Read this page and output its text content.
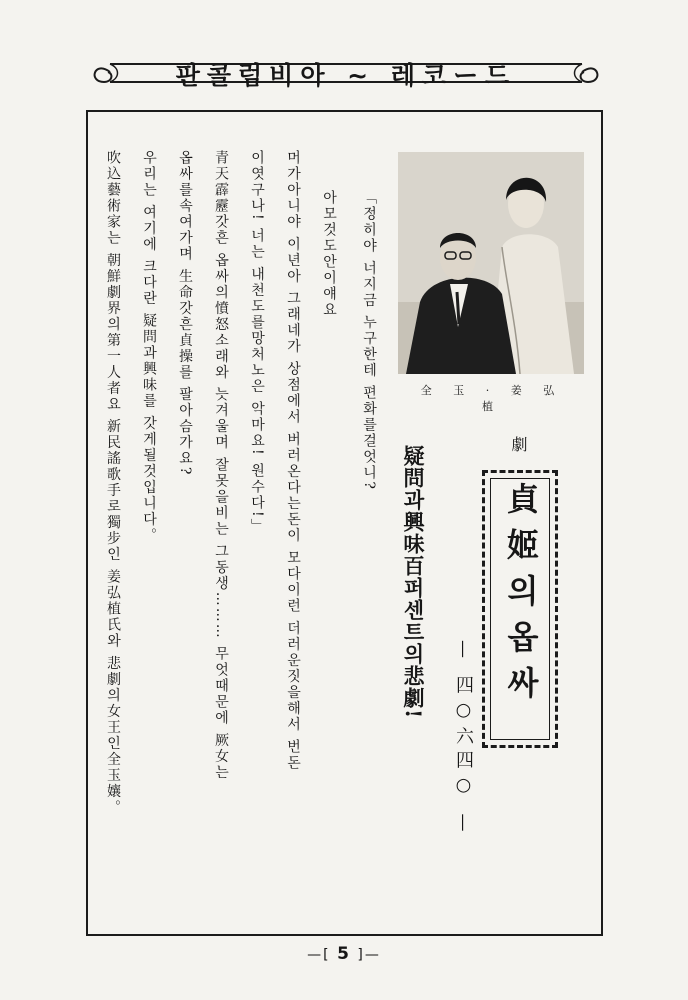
판콜럼비아 ~ 레코ー드
全 玉 · 姜 弘 植
劇
貞姬의옵싸
— 四○六四○ —
疑問과興味百퍼센트의悲劇!
「정히야 너지금 누구한테 편화를걸엇니?
아모것도안이얘요
머가아니야 이년아 그래네가 상점에서 버러온다는돈이 모다이런 더러운짓을해서 번돈
이엿구나! 너는 내천도를망처노은 악마요! 원수다!」
青天霹靂갓흔 옵싸의憤怒소래와 늣겨울며 잘못을비는 그동생……… 무엇때문에 厥女는
옵싸를속여가며 生命갓흔貞操를 팔아슴가요?
우리는 여기에 크다란 疑問과興味를 갓게될것입니다。
吹込藝術家는 朝鮮劇界의第一人者요 新民謠歌手로獨步인 姜弘植氏와 悲劇의女王인全玉孃。
—[ 5 ]—
